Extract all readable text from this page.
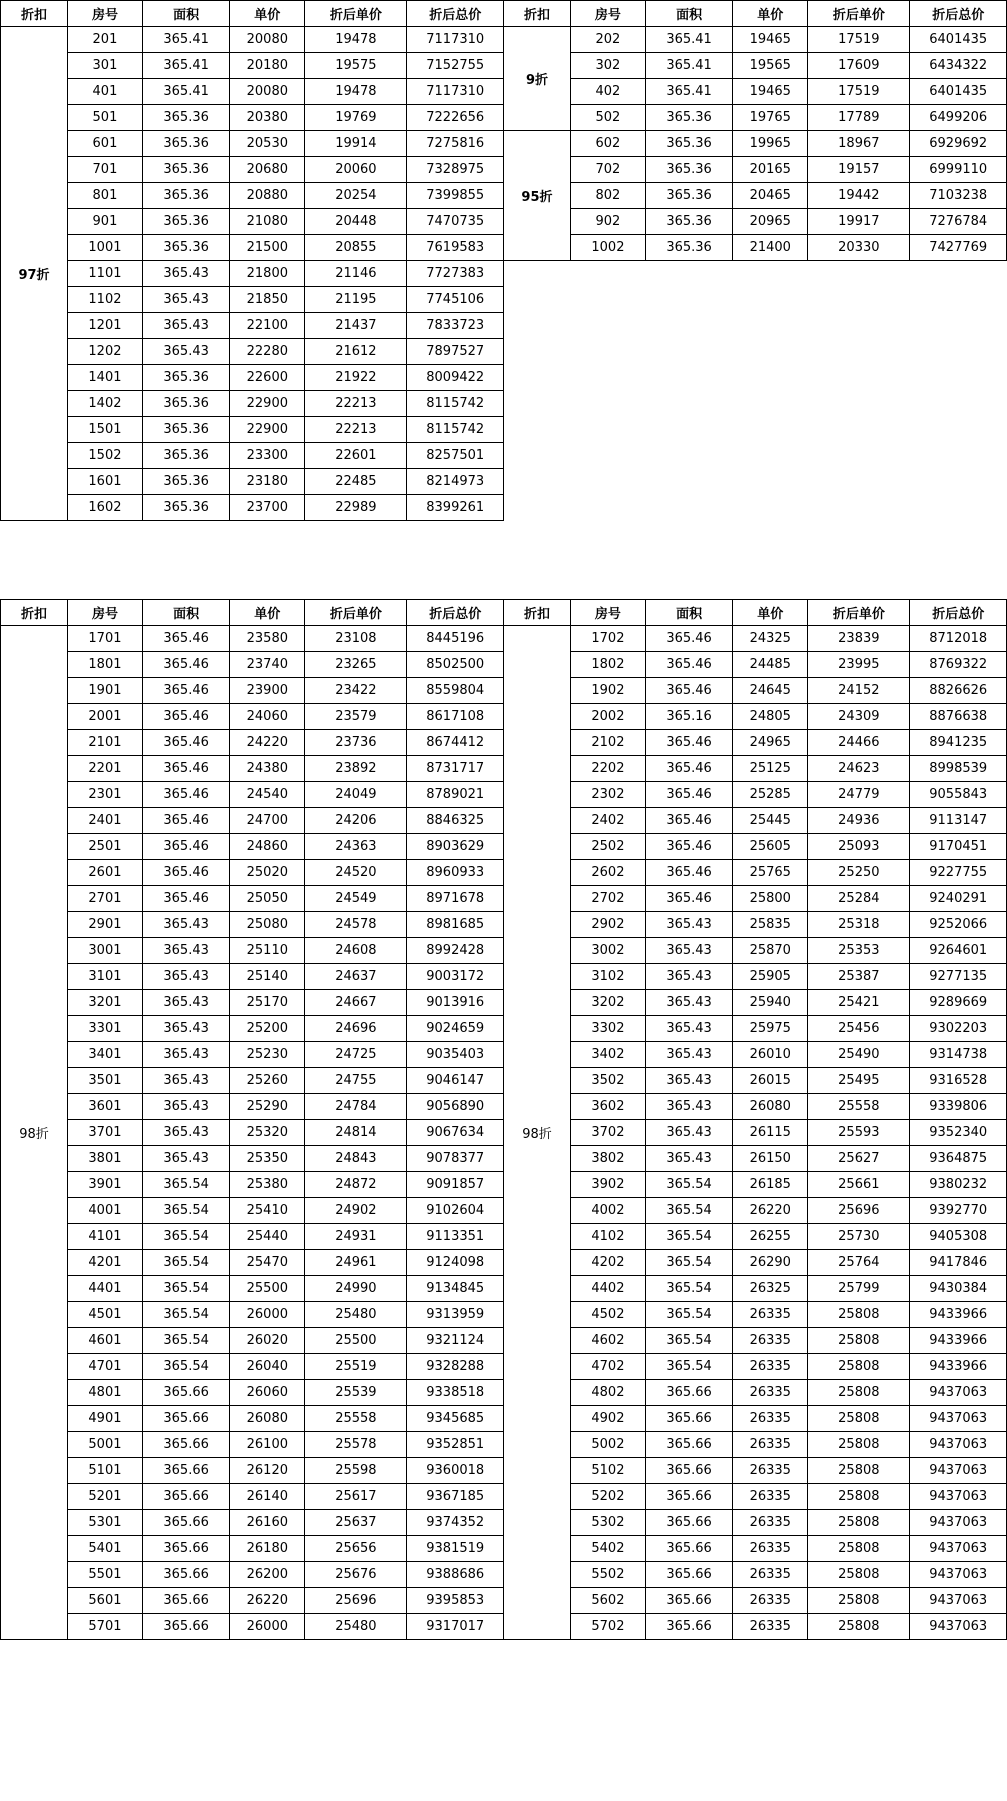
折扣	房号	面积	单价	折后单价	折后总价	折扣	房号	面积	单价	折后单价	折后总价
97折	201	365.41	20080	19478	7117310	9折	202	365.41	19465	17519	6401435
	301	365.41	20180	19575	7152755		302	365.41	19565	17609	6434322
	401	365.41	20080	19478	7117310		402	365.41	19465	17519	6401435
	501	365.36	20380	19769	7222656		502	365.36	19765	17789	6499206
	601	365.36	20530	19914	7275816	95折	602	365.36	19965	18967	6929692
	701	365.36	20680	20060	7328975		702	365.36	20165	19157	6999110
	801	365.36	20880	20254	7399855		802	365.36	20465	19442	7103238
	901	365.36	21080	20448	7470735		902	365.36	20965	19917	7276784
	1001	365.36	21500	20855	7619583		1002	365.36	21400	20330	7427769
	1101	365.43	21800	21146	7727383						
	1102	365.43	21850	21195	7745106						
	1201	365.43	22100	21437	7833723						
	1202	365.43	22280	21612	7897527						
	1401	365.36	22600	21922	8009422						
	1402	365.36	22900	22213	8115742						
	1501	365.36	22900	22213	8115742						
	1502	365.36	23300	22601	8257501						
	1601	365.36	23180	22485	8214973						
	1602	365.36	23700	22989	8399261						
折扣	房号	面积	单价	折后单价	折后总价	折扣	房号	面积	单价	折后单价	折后总价
98折	1701	365.46	23580	23108	8445196	98折	1702	365.46	24325	23839	8712018
	1801	365.46	23740	23265	8502500		1802	365.46	24485	23995	8769322
	1901	365.46	23900	23422	8559804		1902	365.46	24645	24152	8826626
	2001	365.46	24060	23579	8617108		2002	365.16	24805	24309	8876638
	2101	365.46	24220	23736	8674412		2102	365.46	24965	24466	8941235
	2201	365.46	24380	23892	8731717		2202	365.46	25125	24623	8998539
	2301	365.46	24540	24049	8789021		2302	365.46	25285	24779	9055843
	2401	365.46	24700	24206	8846325		2402	365.46	25445	24936	9113147
	2501	365.46	24860	24363	8903629		2502	365.46	25605	25093	9170451
	2601	365.46	25020	24520	8960933		2602	365.46	25765	25250	9227755
	2701	365.46	25050	24549	8971678		2702	365.46	25800	25284	9240291
	2901	365.43	25080	24578	8981685		2902	365.43	25835	25318	9252066
	3001	365.43	25110	24608	8992428		3002	365.43	25870	25353	9264601
	3101	365.43	25140	24637	9003172		3102	365.43	25905	25387	9277135
	3201	365.43	25170	24667	9013916		3202	365.43	25940	25421	9289669
	3301	365.43	25200	24696	9024659		3302	365.43	25975	25456	9302203
	3401	365.43	25230	24725	9035403		3402	365.43	26010	25490	9314738
	3501	365.43	25260	24755	9046147		3502	365.43	26015	25495	9316528
	3601	365.43	25290	24784	9056890		3602	365.43	26080	25558	9339806
	3701	365.43	25320	24814	9067634		3702	365.43	26115	25593	9352340
	3801	365.43	25350	24843	9078377		3802	365.43	26150	25627	9364875
	3901	365.54	25380	24872	9091857		3902	365.54	26185	25661	9380232
	4001	365.54	25410	24902	9102604		4002	365.54	26220	25696	9392770
	4101	365.54	25440	24931	9113351		4102	365.54	26255	25730	9405308
	4201	365.54	25470	24961	9124098		4202	365.54	26290	25764	9417846
	4401	365.54	25500	24990	9134845		4402	365.54	26325	25799	9430384
	4501	365.54	26000	25480	9313959		4502	365.54	26335	25808	9433966
	4601	365.54	26020	25500	9321124		4602	365.54	26335	25808	9433966
	4701	365.54	26040	25519	9328288		4702	365.54	26335	25808	9433966
	4801	365.66	26060	25539	9338518		4802	365.66	26335	25808	9437063
	4901	365.66	26080	25558	9345685		4902	365.66	26335	25808	9437063
	5001	365.66	26100	25578	9352851		5002	365.66	26335	25808	9437063
	5101	365.66	26120	25598	9360018		5102	365.66	26335	25808	9437063
	5201	365.66	26140	25617	9367185		5202	365.66	26335	25808	9437063
	5301	365.66	26160	25637	9374352		5302	365.66	26335	25808	9437063
	5401	365.66	26180	25656	9381519		5402	365.66	26335	25808	9437063
	5501	365.66	26200	25676	9388686		5502	365.66	26335	25808	9437063
	5601	365.66	26220	25696	9395853		5602	365.66	26335	25808	9437063
	5701	365.66	26000	25480	9317017		5702	365.66	26335	25808	9437063
